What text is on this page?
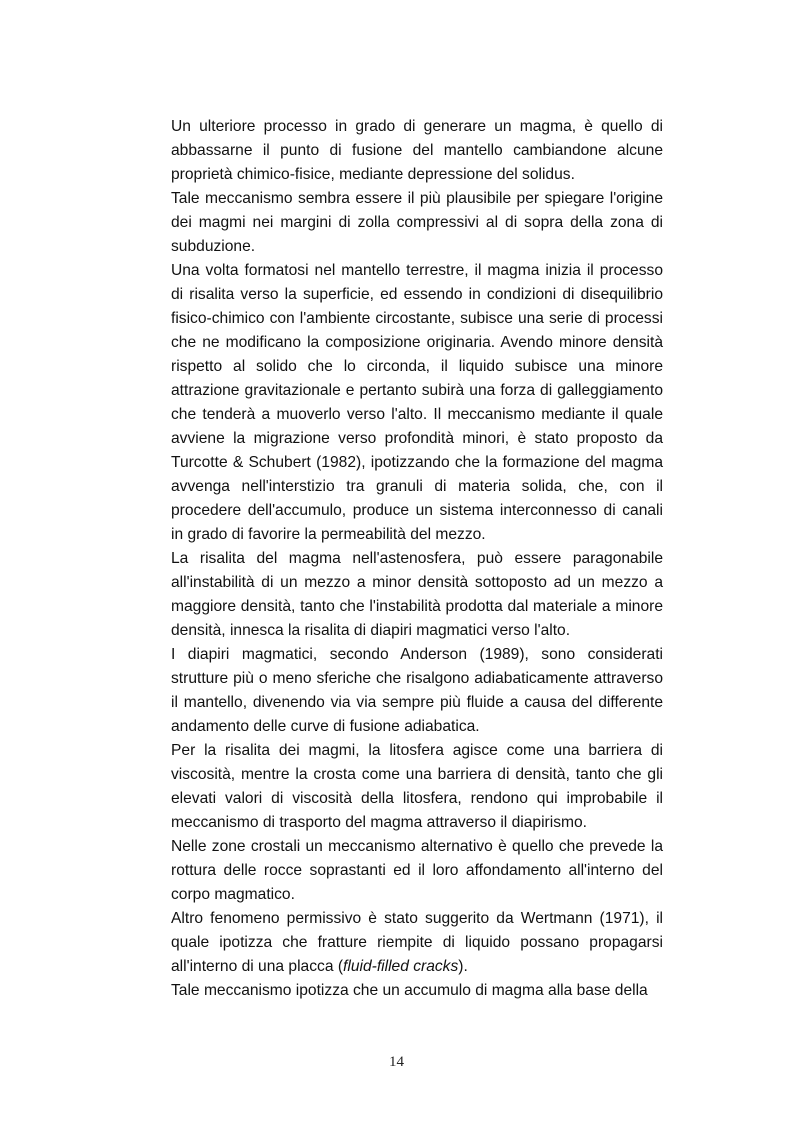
Un ulteriore processo in grado di generare un magma, è quello di abbassarne il punto di fusione del mantello cambiandone alcune proprietà chimico-fisice, mediante depressione del solidus.

Tale meccanismo sembra essere il più plausibile per spiegare l'origine dei magmi nei margini di zolla compressivi al di sopra della zona di subduzione.

Una volta formatosi nel mantello terrestre, il magma inizia il processo di risalita verso la superficie, ed essendo in condizioni di disequilibrio fisico-chimico con l'ambiente circostante, subisce una serie di processi che ne modificano la composizione originaria. Avendo minore densità rispetto al solido che lo circonda, il liquido subisce una minore attrazione gravitazionale e pertanto subirà una forza di galleggiamento che tenderà a muoverlo verso l'alto. Il meccanismo mediante il quale avviene la migrazione verso profondità minori, è stato proposto da Turcotte & Schubert (1982), ipotizzando che la formazione del magma avvenga nell'interstizio tra granuli di materia solida, che, con il procedere dell'accumulo, produce un sistema interconnesso di canali in grado di favorire la permeabilità del mezzo.

La risalita del magma nell'astenosfera, può essere paragonabile all'instabilità di un mezzo a minor densità sottoposto ad un mezzo a maggiore densità, tanto che l'instabilità prodotta dal materiale a minore densità, innesca la risalita di diapiri magmatici verso l'alto.

I diapiri magmatici, secondo Anderson (1989), sono considerati strutture più o meno sferiche che risalgono adiabaticamente attraverso il mantello, divenendo via via sempre più fluide a causa del differente andamento delle curve di fusione adiabatica.

Per la risalita dei magmi, la litosfera agisce come una barriera di viscosità, mentre la crosta come una barriera di densità, tanto che gli elevati valori di viscosità della litosfera, rendono qui improbabile il meccanismo di trasporto del magma attraverso il diapirismo.

Nelle zone crostali un meccanismo alternativo è quello che prevede la rottura delle rocce soprastanti ed il loro affondamento all'interno del corpo magmatico.

Altro fenomeno permissivo è stato suggerito da Wertmann (1971), il quale ipotizza che fratture riempite di liquido possano propagarsi all'interno di una placca (fluid-filled cracks).

Tale meccanismo ipotizza che un accumulo di magma alla base della

14
